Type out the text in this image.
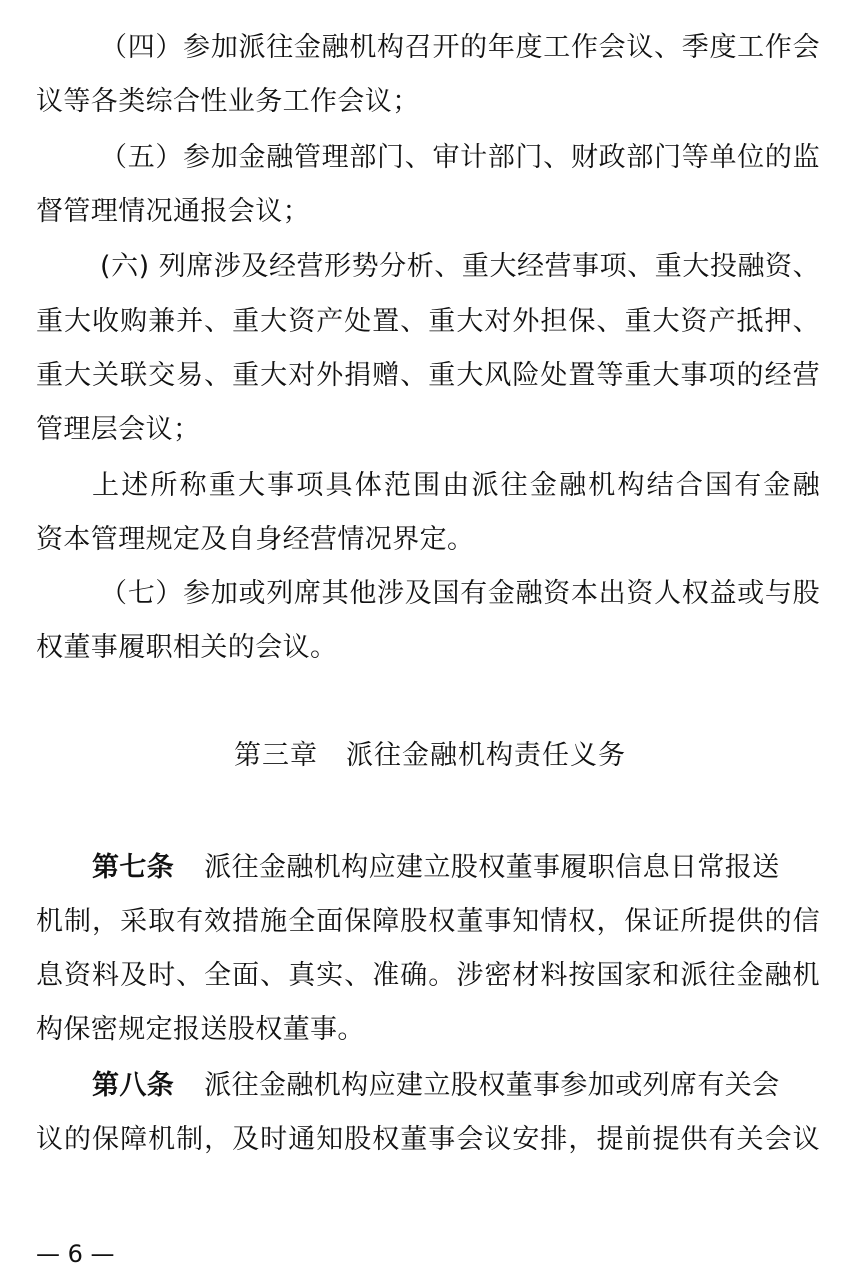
（四）参加派往金融机构召开的年度工作会议、季度工作会
议等各类综合性业务工作会议；
（五）参加金融管理部门、审计部门、财政部门等单位的监
督管理情况通报会议；
(六) 列席涉及经营形势分析、重大经营事项、重大投融资、
重大收购兼并、重大资产处置、重大对外担保、重大资产抵押、
重大关联交易、重大对外捐赠、重大风险处置等重大事项的经营
管理层会议；
上述所称重大事项具体范围由派往金融机构结合国有金融
资本管理规定及自身经营情况界定。
（七）参加或列席其他涉及国有金融资本出资人权益或与股
权董事履职相关的会议。
第三章　派往金融机构责任义务
第七条 派往金融机构应建立股权董事履职信息日常报送
机制，采取有效措施全面保障股权董事知情权，保证所提供的信
息资料及时、全面、真实、准确。涉密材料按国家和派往金融机
构保密规定报送股权董事。
第八条 派往金融机构应建立股权董事参加或列席有关会
议的保障机制，及时通知股权董事会议安排，提前提供有关会议
— 6 —
